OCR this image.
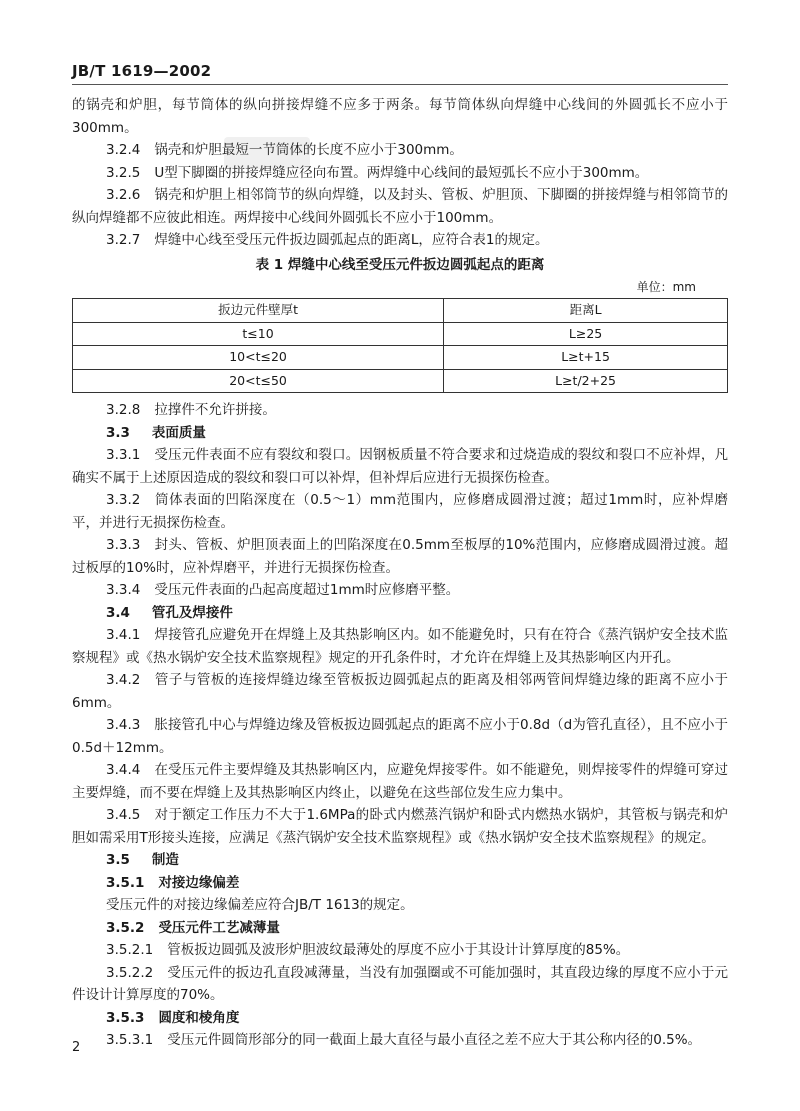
JB/T 1619—2002

的锅壳和炉胆，每节筒体的纵向拼接焊缝不应多于两条。每节筒体纵向焊缝中心线间的外圆弧长不应小于300mm。

3.2.4 锅壳和炉胆最短一节筒体的长度不应小于300mm。

3.2.5 U型下脚圈的拼接焊缝应径向布置。两焊缝中心线间的最短弧长不应小于300mm。

3.2.6 锅壳和炉胆上相邻筒节的纵向焊缝，以及封头、管板、炉胆顶、下脚圈的拼接焊缝与相邻筒节的纵向焊缝都不应彼此相连。两焊接中心线间外圆弧长不应小于100mm。

3.2.7 焊缝中心线至受压元件扳边圆弧起点的距离L，应符合表1的规定。

表 1 焊缝中心线至受压元件扳边圆弧起点的距离

单位：mm

扳边元件壁厚t	距离L
t≤10	L≥25
10<t≤20	L≥t+15
20<t≤50	L≥t/2+25

3.2.8 拉撑件不允许拼接。

3.3 表面质量

3.3.1 受压元件表面不应有裂纹和裂口。因钢板质量不符合要求和过烧造成的裂纹和裂口不应补焊，凡确实不属于上述原因造成的裂纹和裂口可以补焊，但补焊后应进行无损探伤检查。

3.3.2 筒体表面的凹陷深度在（0.5～1）mm范围内，应修磨成圆滑过渡；超过1mm时，应补焊磨平，并进行无损探伤检查。

3.3.3 封头、管板、炉胆顶表面上的凹陷深度在0.5mm至板厚的10%范围内，应修磨成圆滑过渡。超过板厚的10%时，应补焊磨平，并进行无损探伤检查。

3.3.4 受压元件表面的凸起高度超过1mm时应修磨平整。

3.4 管孔及焊接件

3.4.1 焊接管孔应避免开在焊缝上及其热影响区内。如不能避免时，只有在符合《蒸汽锅炉安全技术监察规程》或《热水锅炉安全技术监察规程》规定的开孔条件时，才允许在焊缝上及其热影响区内开孔。

3.4.2 管子与管板的连接焊缝边缘至管板扳边圆弧起点的距离及相邻两管间焊缝边缘的距离不应小于6mm。

3.4.3 胀接管孔中心与焊缝边缘及管板扳边圆弧起点的距离不应小于0.8d（d为管孔直径），且不应小于0.5d＋12mm。

3.4.4 在受压元件主要焊缝及其热影响区内，应避免焊接零件。如不能避免，则焊接零件的焊缝可穿过主要焊缝，而不要在焊缝上及其热影响区内终止，以避免在这些部位发生应力集中。

3.4.5 对于额定工作压力不大于1.6MPa的卧式内燃蒸汽锅炉和卧式内燃热水锅炉，其管板与锅壳和炉胆如需采用T形接头连接，应满足《蒸汽锅炉安全技术监察规程》或《热水锅炉安全技术监察规程》的规定。

3.5 制造

3.5.1 对接边缘偏差

受压元件的对接边缘偏差应符合JB/T 1613的规定。

3.5.2 受压元件工艺减薄量

3.5.2.1 管板扳边圆弧及波形炉胆波纹最薄处的厚度不应小于其设计计算厚度的85%。

3.5.2.2 受压元件的扳边孔直段减薄量，当没有加强圈或不可能加强时，其直段边缘的厚度不应小于元件设计计算厚度的70%。

3.5.3 圆度和棱角度

3.5.3.1 受压元件圆筒形部分的同一截面上最大直径与最小直径之差不应大于其公称内径的0.5%。

2
